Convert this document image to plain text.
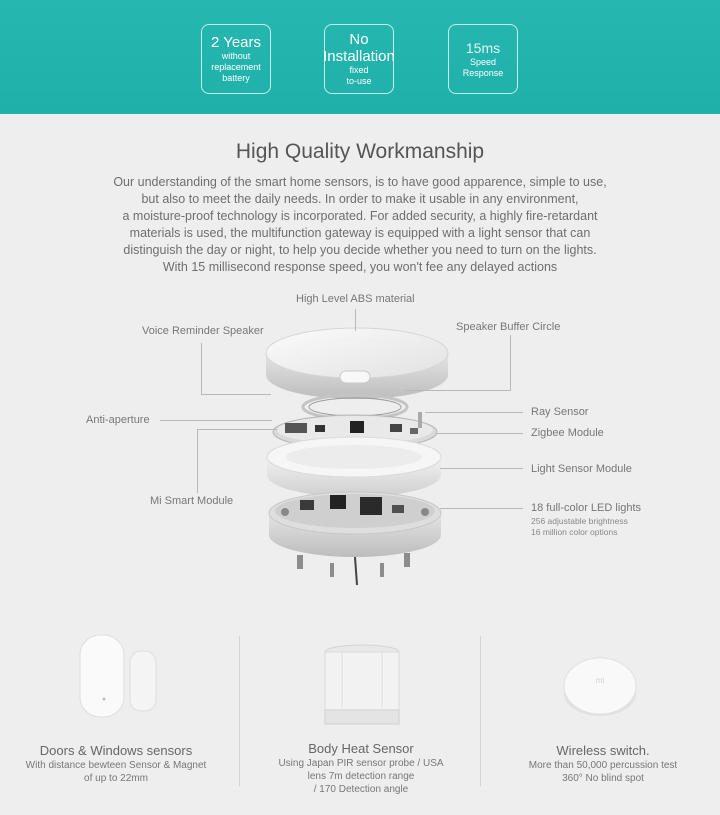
2 Years
without
replacement
battery
No
Installation
fixed
to-use
15ms
Speed
Response
High Quality Workmanship
Our understanding of the smart home sensors, is to have good apparence, simple to use,
but also to meet the daily needs. In order to make it usable in any environment,
a moisture-proof technology is incorporated. For added security, a highly fire-retardant
materials is used, the multifunction gateway is equipped with a light sensor that can
distinguish the day or night, to help you decide whether you need to turn on the lights.
With 15 millisecond response speed, you won't fee any delayed actions
High Level ABS material
Voice Reminder Speaker	Speaker Buffer Circle
Anti-aperture
Ray Sensor
Zigbee Module
Light Sensor Module
Mi Smart Module
18 full-color LED lights
256 adjustable brightness
16 million color options
Doors & Windows sensors
With distance bewteen Sensor & Magnet
of up to 22mm
Body Heat Sensor
Using Japan PIR sensor probe / USA
lens 7m detection range
/ 170 Detection angle
mi
Wireless switch.
More than 50,000 percussion test
360° No blind spot
